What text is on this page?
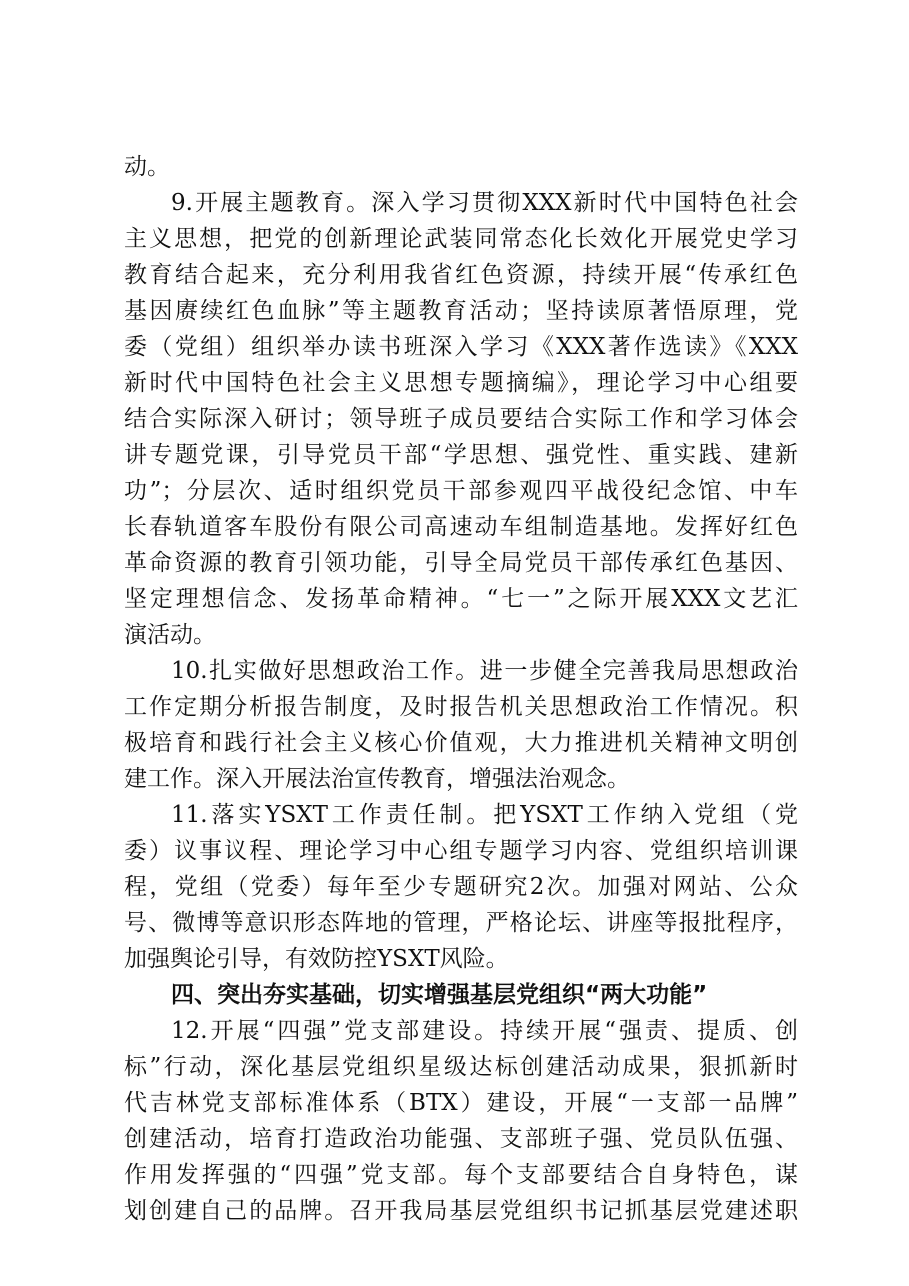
动。

9.开展主题教育。深入学习贯彻XXX新时代中国特色社会

主义思想，把党的创新理论武装同常态化长效化开展党史学习

教育结合起来，充分利用我省红色资源，持续开展“传承红色

基因赓续红色血脉”等主题教育活动；坚持读原著悟原理，党

委（党组）组织举办读书班深入学习《XXX著作选读》《XXX

新时代中国特色社会主义思想专题摘编》，理论学习中心组要

结合实际深入研讨；领导班子成员要结合实际工作和学习体会

讲专题党课，引导党员干部“学思想、强党性、重实践、建新

功”；分层次、适时组织党员干部参观四平战役纪念馆、中车

长春轨道客车股份有限公司高速动车组制造基地。发挥好红色

革命资源的教育引领功能，引导全局党员干部传承红色基因、

坚定理想信念、发扬革命精神。“七一”之际开展XXX文艺汇

演活动。

10.扎实做好思想政治工作。进一步健全完善我局思想政治

工作定期分析报告制度，及时报告机关思想政治工作情况。积

极培育和践行社会主义核心价值观，大力推进机关精神文明创

建工作。深入开展法治宣传教育，增强法治观念。

11.落实YSXT工作责任制。把YSXT工作纳入党组（党

委）议事议程、理论学习中心组专题学习内容、党组织培训课

程，党组（党委）每年至少专题研究2次。加强对网站、公众

号、微博等意识形态阵地的管理，严格论坛、讲座等报批程序，

加强舆论引导，有效防控YSXT风险。

四、突出夯实基础，切实增强基层党组织“两大功能”

12.开展“四强”党支部建设。持续开展“强责、提质、创

标”行动，深化基层党组织星级达标创建活动成果，狠抓新时

代吉林党支部标准体系（BTX）建设，开展“一支部一品牌”

创建活动，培育打造政治功能强、支部班子强、党员队伍强、

作用发挥强的“四强”党支部。每个支部要结合自身特色，谋

划创建自己的品牌。召开我局基层党组织书记抓基层党建述职
